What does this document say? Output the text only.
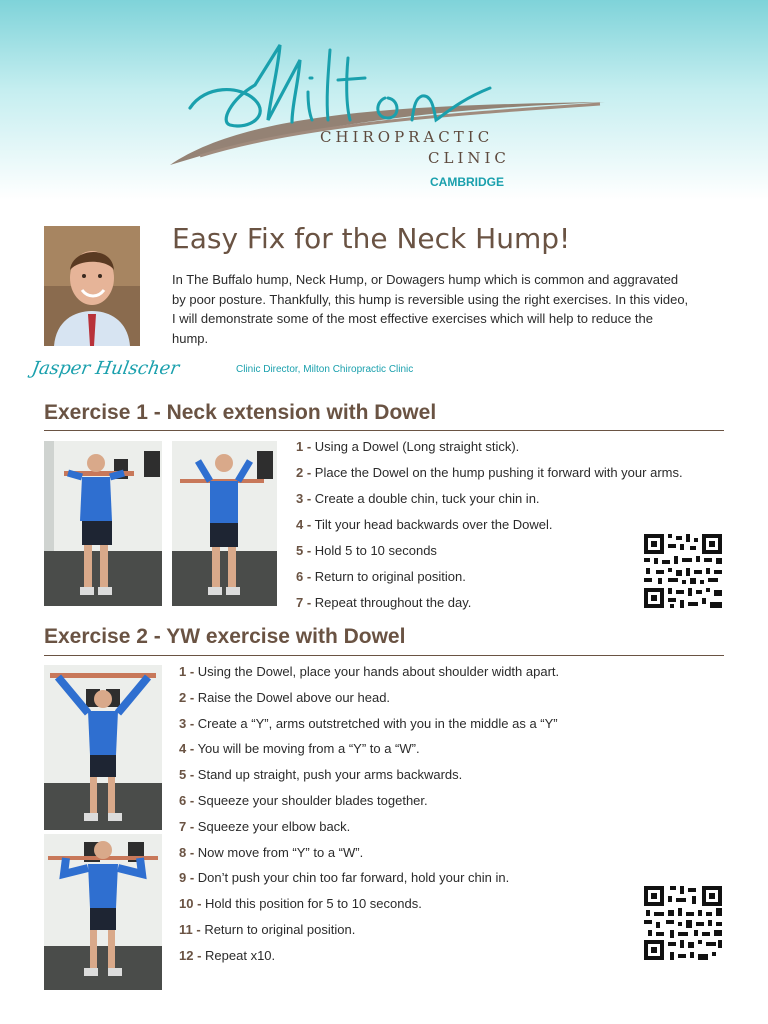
CHIROPRACTIC
CLINIC
CAMBRIDGE
Easy Fix for the Neck Hump!

In The Buffalo hump, Neck Hump, or Dowagers hump which is common and aggravated by poor posture. Thankfully, this hump is reversible using the right exercises. In this video, I will demonstrate some of the most effective exercises which will help to reduce the hump.

Jasper Hulscher	Clinic Director, Milton Chiropractic Clinic
Exercise 1 - Neck extension with Dowel
1 - Using a Dowel (Long straight stick).
2 - Place the Dowel on the hump pushing it forward with your arms.
3 - Create a double chin, tuck your chin in.
4 - Tilt your head backwards over the Dowel.
5 - Hold 5 to 10 seconds
6 - Return to original position.
7 - Repeat throughout the day.
Exercise 2 - YW exercise with Dowel
1 - Using the Dowel, place your hands about shoulder width apart.
2 - Raise the Dowel above our head.
3 - Create a “Y”, arms outstretched with you in the middle as a “Y”
4 - You will be moving from a “Y” to a “W”.
5 - Stand up straight, push your arms backwards.
6 - Squeeze your shoulder blades together.
7 - Squeeze your elbow back.
8 - Now move from “Y” to a “W”.
9 - Don’t push your chin too far forward, hold your chin in.
10 - Hold this position for 5 to 10 seconds.
11 - Return to original position.
12 - Repeat x10.
